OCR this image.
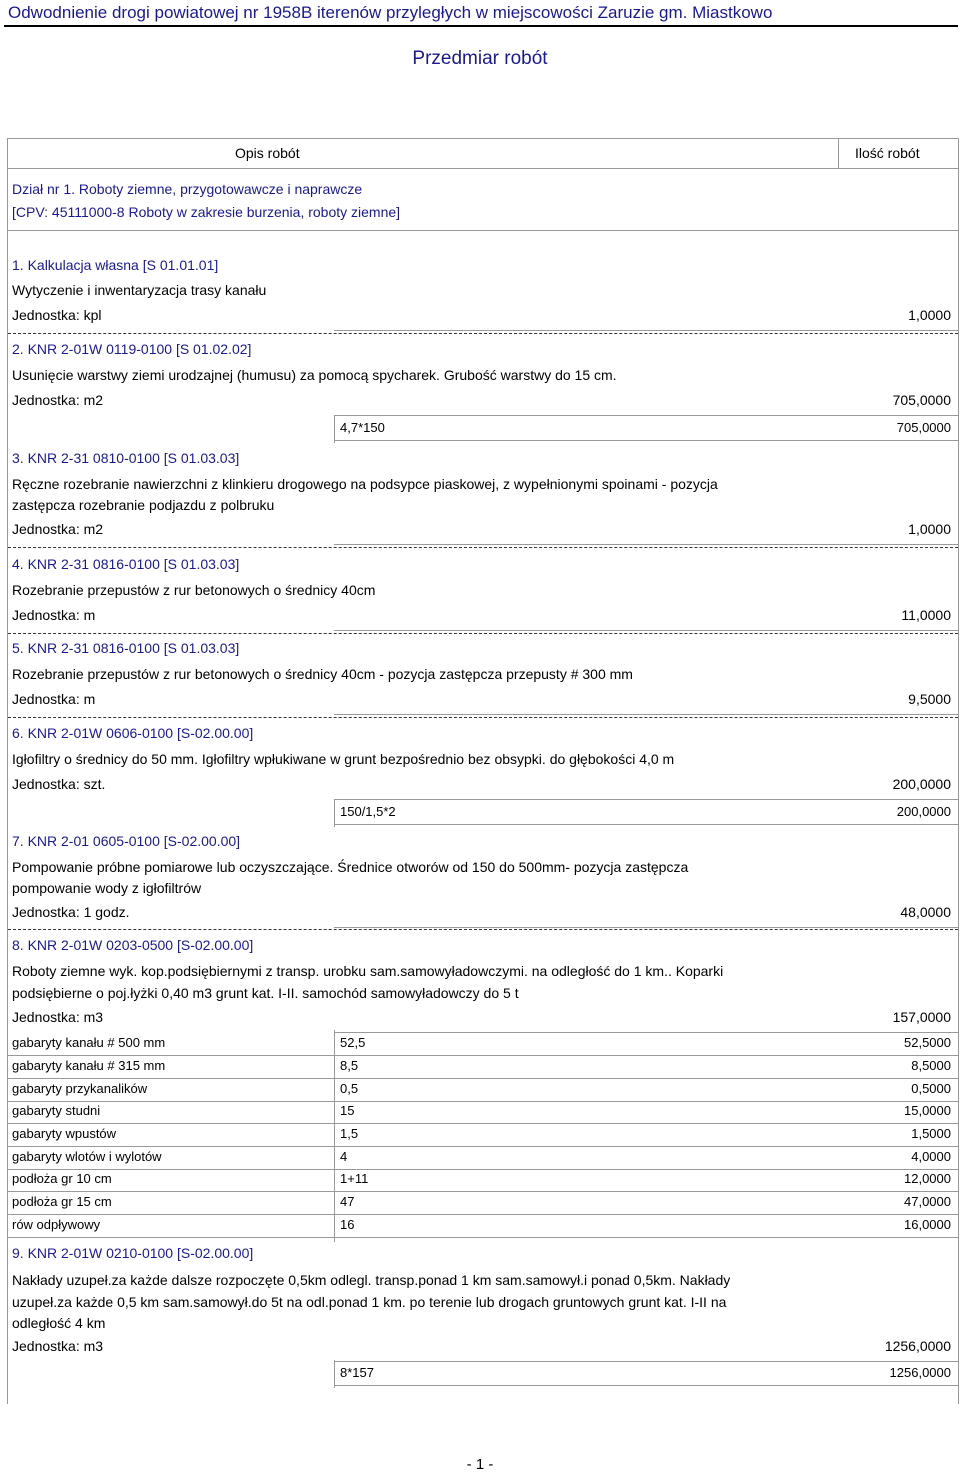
Odwodnienie drogi powiatowej nr 1958B iterenów przyległych w miejscowości Zaruzie gm. Miastkowo
Przedmiar robót
Opis robót	Ilość robót
Dział nr 1. Roboty ziemne, przygotowawcze i naprawcze
[CPV: 45111000-8 Roboty w zakresie burzenia, roboty ziemne]
1. Kalkulacja własna [S 01.01.01]
Wytyczenie i inwentaryzacja trasy kanału
Jednostka: kpl	1,0000
2. KNR 2-01W 0119-0100 [S 01.02.02]
Usunięcie warstwy ziemi urodzajnej (humusu) za pomocą spycharek. Grubość warstwy do 15 cm.
Jednostka: m2	705,0000
4,7*150	705,0000
3. KNR 2-31 0810-0100 [S 01.03.03]
Ręczne rozebranie nawierzchni z klinkieru drogowego na podsypce piaskowej, z wypełnionymi spoinami - pozycja
zastępcza rozebranie podjazdu z polbruku
Jednostka: m2	1,0000
4. KNR 2-31 0816-0100 [S 01.03.03]
Rozebranie przepustów z rur betonowych o średnicy 40cm
Jednostka: m	11,0000
5. KNR 2-31 0816-0100 [S 01.03.03]
Rozebranie przepustów z rur betonowych o średnicy 40cm - pozycja zastępcza przepusty # 300 mm
Jednostka: m	9,5000
6. KNR 2-01W 0606-0100 [S-02.00.00]
Igłofiltry o średnicy do 50 mm. Igłofiltry wpłukiwane w grunt bezpośrednio bez obsypki. do głębokości 4,0 m
Jednostka: szt.	200,0000
150/1,5*2	200,0000
7. KNR 2-01 0605-0100 [S-02.00.00]
Pompowanie próbne pomiarowe lub oczyszczające. Średnice otworów od 150 do 500mm- pozycja zastępcza
pompowanie wody z igłofiltrów
Jednostka: 1 godz.	48,0000
8. KNR 2-01W 0203-0500 [S-02.00.00]
Roboty ziemne wyk. kop.podsiębiernymi z transp. urobku sam.samowyładowczymi. na odległość do 1 km.. Koparki
podsiębierne o poj.łyżki 0,40 m3 grunt kat. I-II. samochód samowyładowczy do 5 t
Jednostka: m3	157,0000
gabaryty kanału # 500 mm	52,5	52,5000
gabaryty kanału # 315 mm	8,5	8,5000
gabaryty przykanalików	0,5	0,5000
gabaryty studni	15	15,0000
gabaryty wpustów	1,5	1,5000
gabaryty wlotów i wylotów	4	4,0000
podłoża gr 10 cm	1+11	12,0000
podłoża gr 15 cm	47	47,0000
rów odpływowy	16	16,0000
9. KNR 2-01W 0210-0100 [S-02.00.00]
Nakłady uzupeł.za każde dalsze rozpoczęte 0,5km odlegl. transp.ponad 1 km sam.samowył.i ponad 0,5km. Nakłady
uzupeł.za każde 0,5 km sam.samowył.do 5t na odl.ponad 1 km. po terenie lub drogach gruntowych grunt kat. I-II na
odległość 4 km
Jednostka: m3	1256,0000
8*157	1256,0000
- 1 -
